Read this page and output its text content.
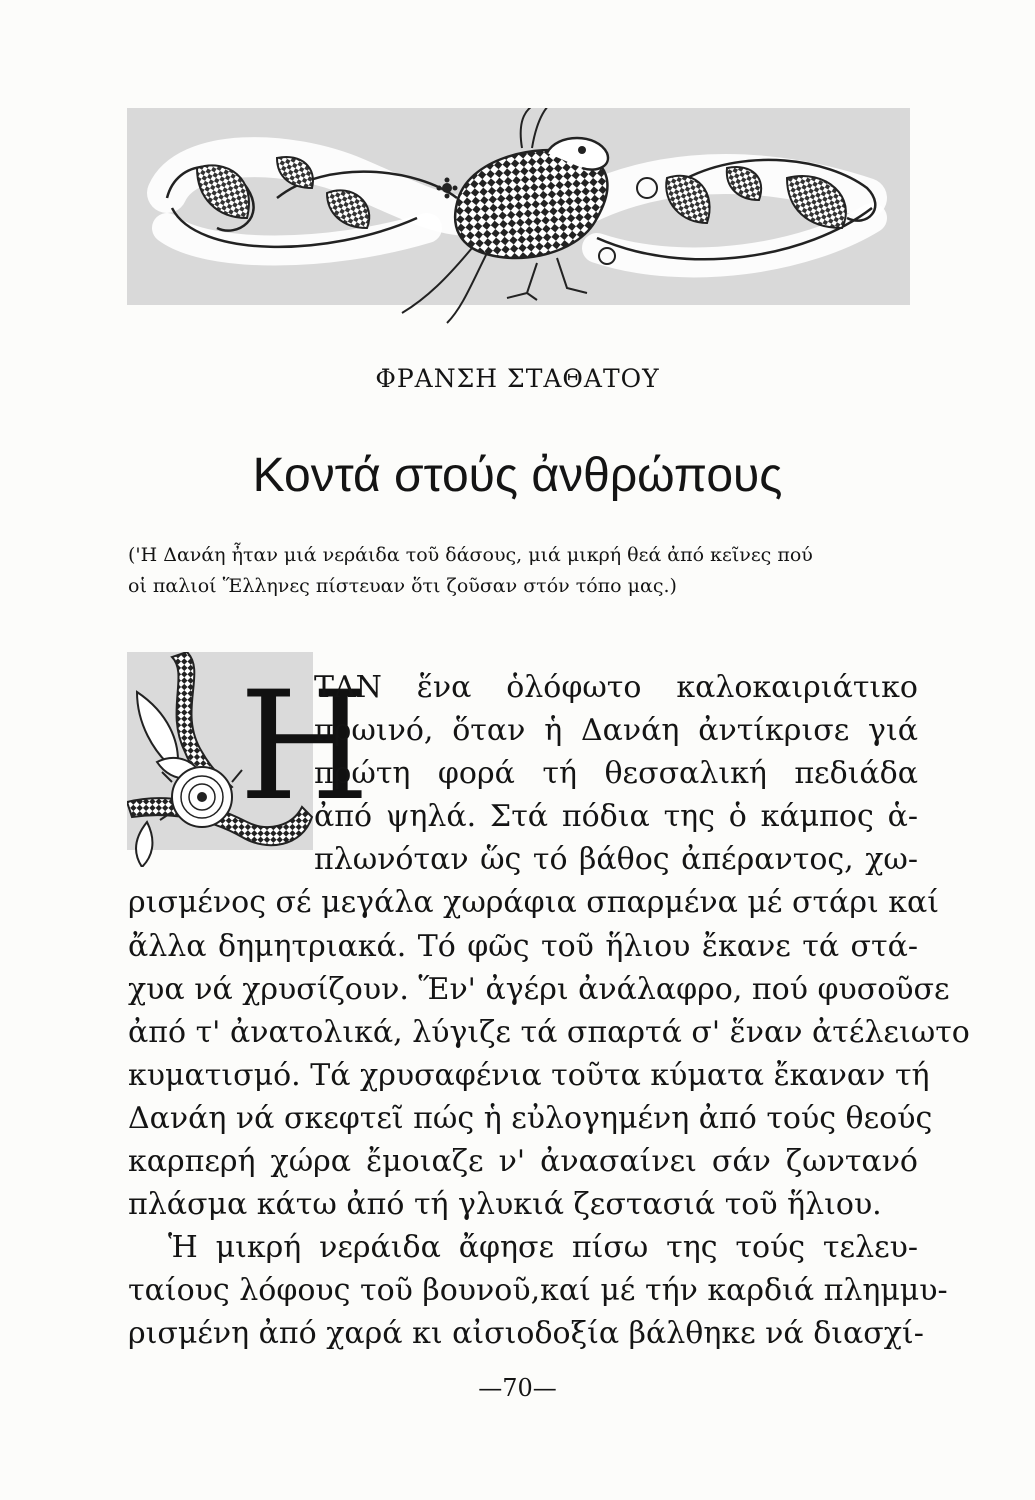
ΦΡΑΝΣΗ ΣΤΑΘΑΤΟΥ
Κοντά στούς ἀνθρώπους
('Η Δανάη ἦταν μιά νεράιδα τοῦ δάσους, μιά μικρή θεά ἀπό κεῖνες πού
οἱ παλιοί Ἕλληνες πίστευαν ὅτι ζοῦσαν στόν τόπο μας.)
Η
ΤΑΝ ἕνα ὁλόφωτο καλοκαιριάτικο
πρωινό, ὅταν ἡ Δανάη ἀντίκρισε γιά
πρώτη φορά τή θεσσαλική πεδιάδα
ἀπό ψηλά. Στά πόδια της ὁ κάμπος ἁ-
πλωνόταν ὥς τό βάθος ἀπέραντος, χω-
ρισμένος σέ μεγάλα χωράφια σπαρμένα μέ στάρι καί
ἄλλα δημητριακά. Τό φῶς τοῦ ἥλιου ἔκανε τά στά-
χυα νά χρυσίζουν. Ἕν' ἀγέρι ἀνάλαφρο, πού φυσοῦσε
ἀπό τ' ἀνατολικά, λύγιζε τά σπαρτά σ' ἕναν ἀτέλειωτο
κυματισμό. Τά χρυσαφένια τοῦτα κύματα ἔκαναν τή
Δανάη νά σκεφτεῖ πώς ἡ εὐλογημένη ἀπό τούς θεούς
καρπερή χώρα ἔμοιαζε ν' ἀνασαίνει σάν ζωντανό
πλάσμα κάτω ἀπό τή γλυκιά ζεστασιά τοῦ ἥλιου.
Ἡ μικρή νεράιδα ἄφησε πίσω της τούς τελευ-
ταίους λόφους τοῦ βουνοῦ,καί μέ τήν καρδιά πλημμυ-
ρισμένη ἀπό χαρά κι αἰσιοδοξία βάλθηκε νά διασχί-
—70—
